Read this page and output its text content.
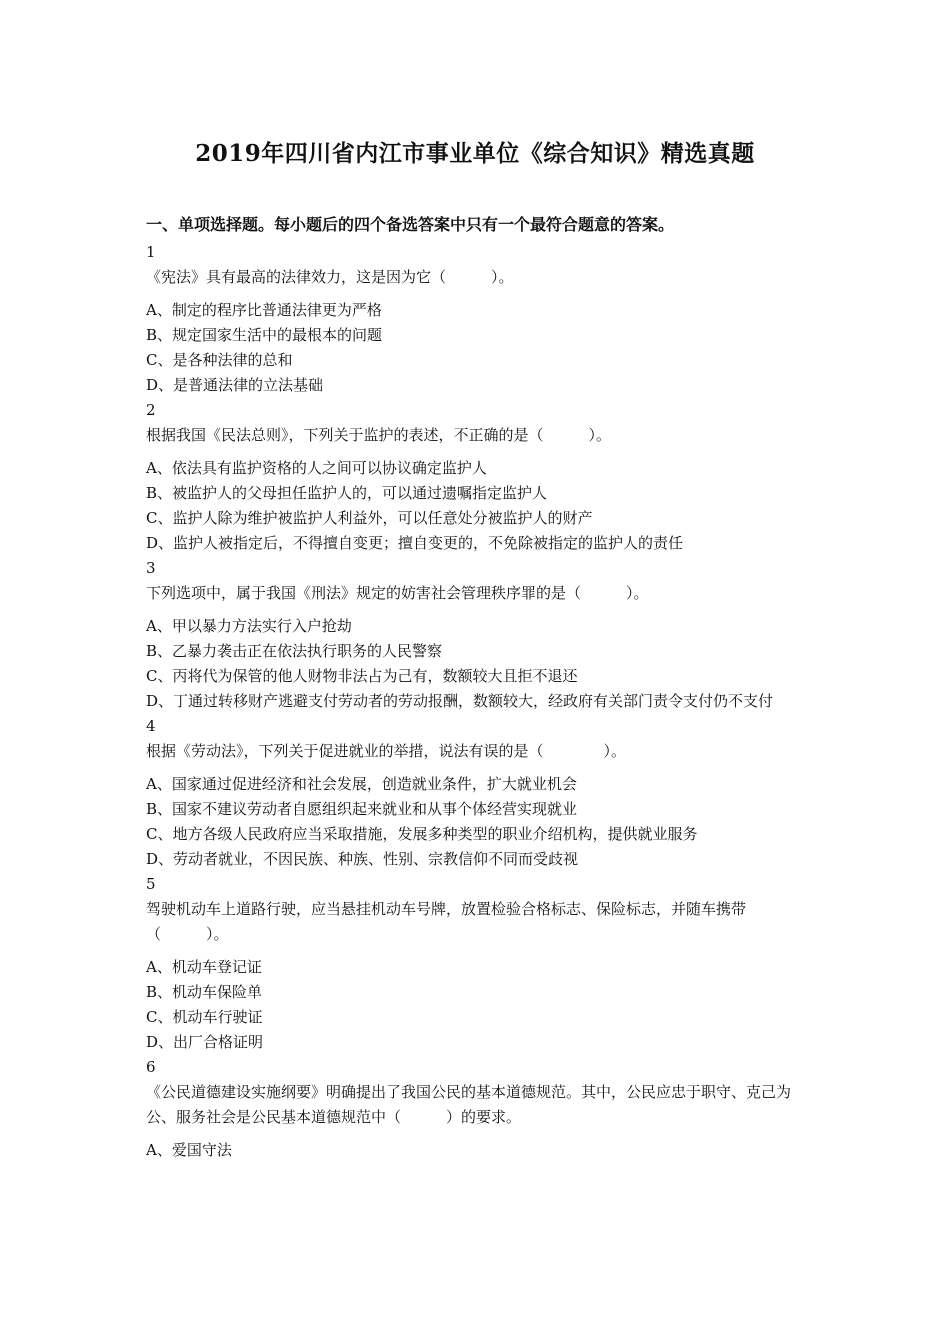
2019年四川省内江市事业单位《综合知识》精选真题
一、单项选择题。每小题后的四个备选答案中只有一个最符合题意的答案。
1
《宪法》具有最高的法律效力，这是因为它（　　　）。
A、制定的程序比普通法律更为严格
B、规定国家生活中的最根本的问题
C、是各种法律的总和
D、是普通法律的立法基础
2
根据我国《民法总则》，下列关于监护的表述，不正确的是（　　　）。
A、依法具有监护资格的人之间可以协议确定监护人
B、被监护人的父母担任监护人的，可以通过遗嘱指定监护人
C、监护人除为维护被监护人利益外，可以任意处分被监护人的财产
D、监护人被指定后，不得擅自变更；擅自变更的，不免除被指定的监护人的责任
3
下列选项中，属于我国《刑法》规定的妨害社会管理秩序罪的是（　　　）。
A、甲以暴力方法实行入户抢劫
B、乙暴力袭击正在依法执行职务的人民警察
C、丙将代为保管的他人财物非法占为己有，数额较大且拒不退还
D、丁通过转移财产逃避支付劳动者的劳动报酬，数额较大，经政府有关部门责令支付仍不支付
4
根据《劳动法》，下列关于促进就业的举措，说法有误的是（　　　　）。
A、国家通过促进经济和社会发展，创造就业条件，扩大就业机会
B、国家不建议劳动者自愿组织起来就业和从事个体经营实现就业
C、地方各级人民政府应当采取措施，发展多种类型的职业介绍机构，提供就业服务
D、劳动者就业，不因民族、种族、性别、宗教信仰不同而受歧视
5
驾驶机动车上道路行驶，应当悬挂机动车号牌，放置检验合格标志、保险标志，并随车携带（　　　）。
A、机动车登记证
B、机动车保险单
C、机动车行驶证
D、出厂合格证明
6
《公民道德建设实施纲要》明确提出了我国公民的基本道德规范。其中，公民应忠于职守、克己为公、服务社会是公民基本道德规范中（　　　）的要求。
A、爱国守法
